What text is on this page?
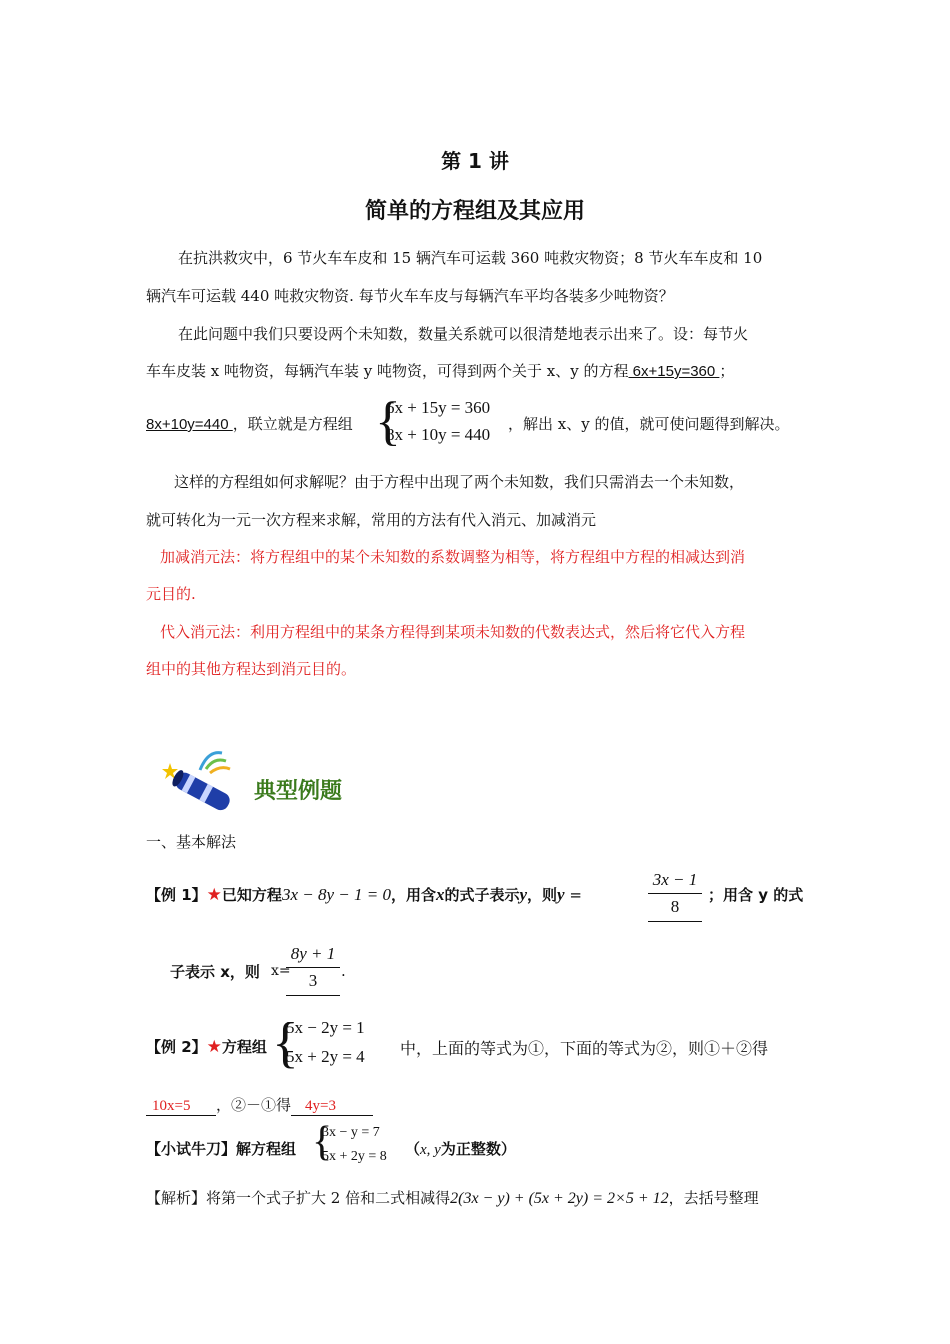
第 1 讲
简单的方程组及其应用
在抗洪救灾中，6 节火车车皮和 15 辆汽车可运载 360 吨救灾物资；8 节火车车皮和 10
辆汽车可运载 440 吨救灾物资. 每节火车车皮与每辆汽车平均各装多少吨物资？
在此问题中我们只要设两个未知数，数量关系就可以很清楚地表示出来了。设：每节火
车车皮装 x 吨物资，每辆汽车装 y 吨物资，可得到两个关于 x、y 的方程 6x+15y=360 ；
8x+10y=440 ，联立就是方程组 {
6x + 15y = 360
8x + 10y = 440
，解出 x、y 的值，就可使问题得到解决。
这样的方程组如何求解呢？由于方程中出现了两个未知数，我们只需消去一个未知数，
就可转化为一元一次方程来求解，常用的方法有代入消元、加减消元
加减消元法：将方程组中的某个未知数的系数调整为相等，将方程组中方程的相减达到消
元目的.
代入消元法：利用方程组中的某条方程得到某项未知数的代数表达式，然后将它代入方程
组中的其他方程达到消元目的。
典型例题
一、基本解法
【例 1】★已知方程3x − 8y − 1 = 0，用含x的式子表示y，则y =
3x − 1
8
；用含 y 的式
子表示 x，则 x=
8y + 1
3	.
【例 2】★方程组 {
5x − 2y = 1
5x + 2y = 4 中，上面的等式为①，下面的等式为②，则①＋②得
10x=5 ，②－①得 4y=3
【小试牛刀】解方程组 {
3x − y = 7
5x + 2y = 8 （x, y为正整数）
【解析】将第一个式子扩大 2 倍和二式相减得2(3x − y) + (5x + 2y) = 2×5 + 12，去括号整理
